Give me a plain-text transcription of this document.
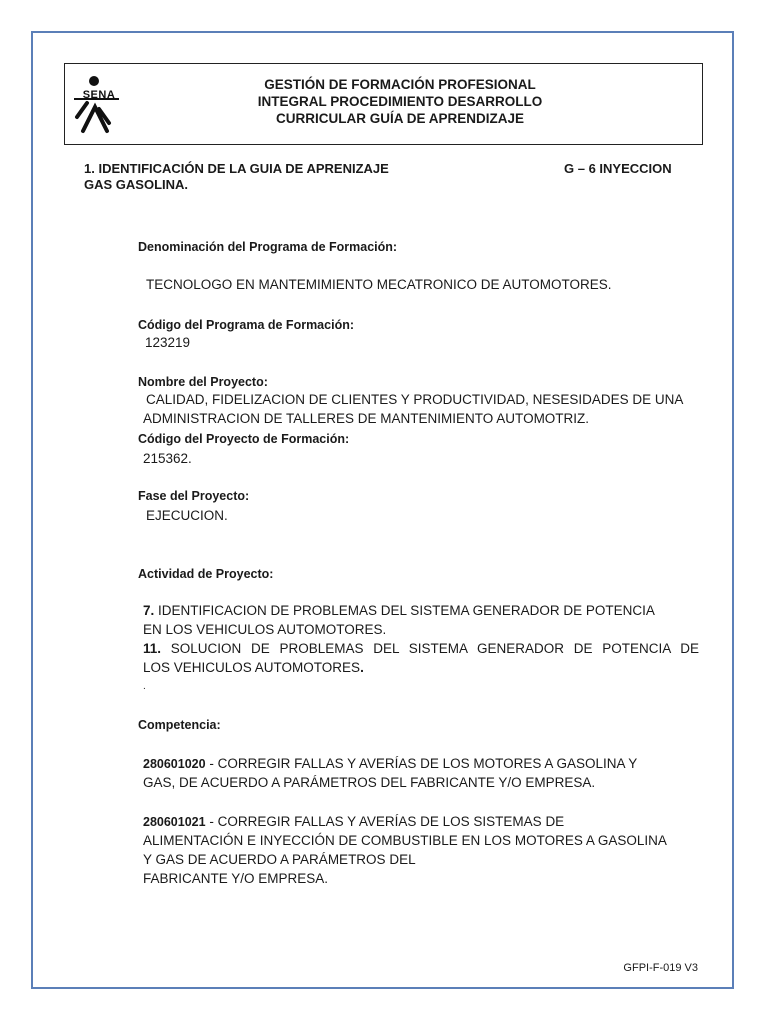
SENA
GESTIÓN DE FORMACIÓN PROFESIONAL
INTEGRAL PROCEDIMIENTO DESARROLLO
CURRICULAR GUÍA DE APRENDIZAJE
1. IDENTIFICACIÓN DE LA GUIA DE APRENIZAJE	G – 6 INYECCION
GAS GASOLINA.
Denominación del Programa de Formación:
TECNOLOGO EN MANTEMIMIENTO MECATRONICO DE AUTOMOTORES.
Código del Programa de Formación:
123219
Nombre del Proyecto:
CALIDAD, FIDELIZACION DE CLIENTES Y PRODUCTIVIDAD, NESESIDADES DE UNA
ADMINISTRACION DE TALLERES DE MANTENIMIENTO AUTOMOTRIZ.
Código del Proyecto de Formación:
215362.
Fase del Proyecto:
EJECUCION.
Actividad de Proyecto:
7. IDENTIFICACION DE PROBLEMAS DEL SISTEMA GENERADOR DE POTENCIA
EN LOS VEHICULOS AUTOMOTORES.
11. SOLUCION DE PROBLEMAS DEL SISTEMA GENERADOR DE POTENCIA DE
LOS VEHICULOS AUTOMOTORES.
.
Competencia:
280601020 - CORREGIR FALLAS Y AVERÍAS DE LOS MOTORES A GASOLINA Y
GAS, DE ACUERDO A PARÁMETROS DEL FABRICANTE Y/O EMPRESA.
280601021 - CORREGIR FALLAS Y AVERÍAS DE LOS SISTEMAS DE
ALIMENTACIÓN E INYECCIÓN DE COMBUSTIBLE EN LOS MOTORES A GASOLINA
Y GAS DE ACUERDO A PARÁMETROS DEL
FABRICANTE Y/O EMPRESA.
GFPI-F-019 V3
